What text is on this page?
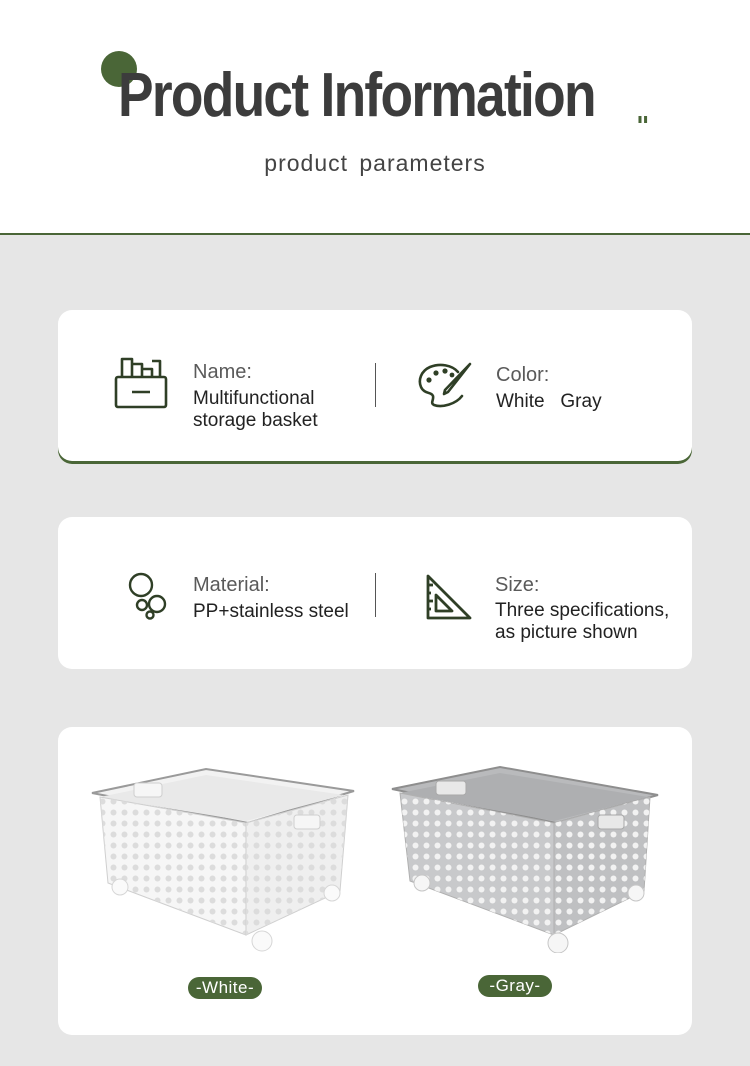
Product Information "
product parameters
Name:
Multifunctional
storage basket
Color:
White   Gray
Material:
PP+stainless steel
Size:
Three specifications,
as picture shown
-White-	-Gray-
